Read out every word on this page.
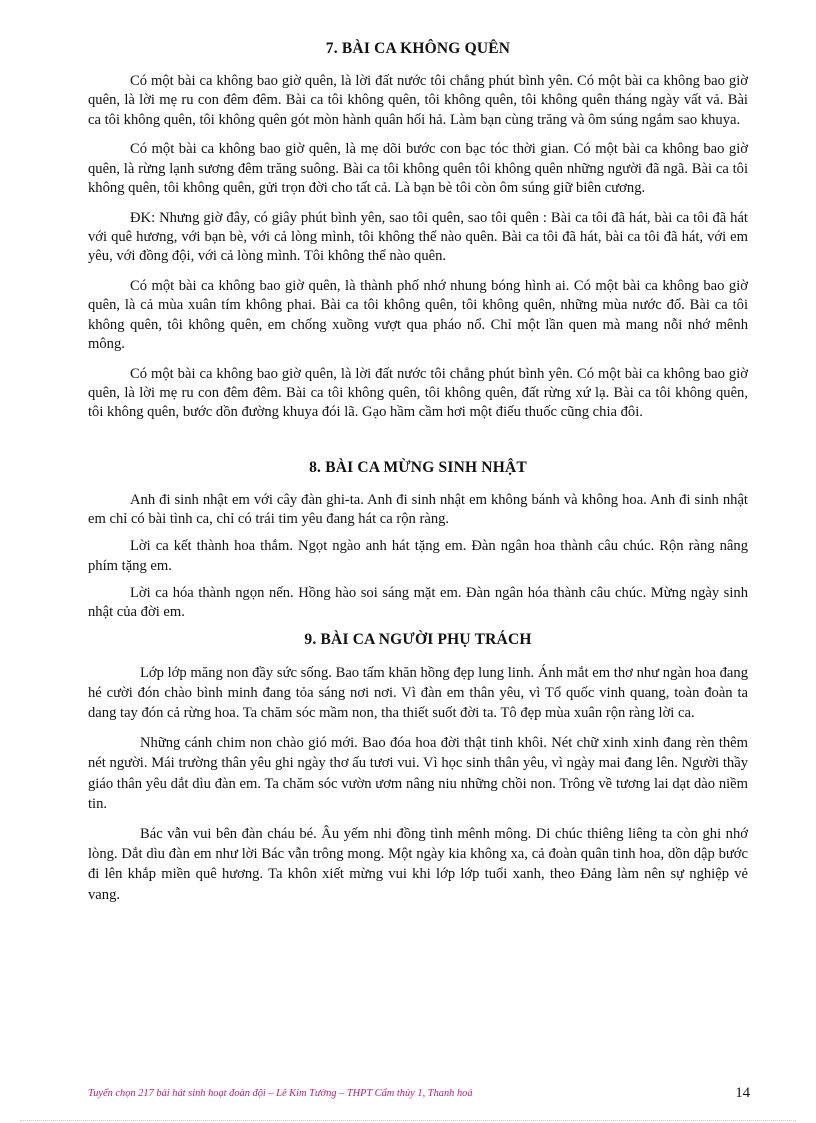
7. BÀI CA KHÔNG QUÊN

Có một bài ca không bao giờ quên, là lời đất nước tôi chẳng phút bình yên. Có một bài ca không bao giờ quên, là lời mẹ ru con đêm đêm. Bài ca tôi không quên, tôi không quên, tôi không quên tháng ngày vất vả. Bài ca tôi không quên, tôi không quên gót mòn hành quân hối hả. Làm bạn cùng trăng và ôm súng ngắm sao khuya.

Có một bài ca không bao giờ quên, là mẹ dõi bước con bạc tóc thời gian. Có một bài ca không bao giờ quên, là rừng lạnh sương đêm trăng suông. Bài ca tôi không quên tôi không quên những người đã ngã. Bài ca tôi không quên, tôi không quên, gửi trọn đời cho tất cả. Là bạn bè tôi còn ôm súng giữ biên cương.

ĐK: Nhưng giờ đây, có giây phút bình yên, sao tôi quên, sao tôi quên : Bài ca tôi đã hát, bài ca tôi đã hát với quê hương, với bạn bè, với cả lòng mình, tôi không thể nào quên. Bài ca tôi đã hát, bài ca tôi đã hát, với em yêu, với đồng đội, với cả lòng mình. Tôi không thể nào quên.

Có một bài ca không bao giờ quên, là thành phố nhớ nhung bóng hình ai. Có một bài ca không bao giờ quên, là cả mùa xuân tím không phai. Bài ca tôi không quên, tôi không quên, những mùa nước đổ. Bài ca tôi không quên, tôi không quên, em chống xuồng vượt qua pháo nổ. Chỉ một lần quen mà mang nỗi nhớ mênh mông.

Có một bài ca không bao giờ quên, là lời đất nước tôi chẳng phút bình yên. Có một bài ca không bao giờ quên, là lời mẹ ru con đêm đêm. Bài ca tôi không quên, tôi không quên, đất rừng xứ lạ. Bài ca tôi không quên, tôi không quên, bước dồn đường khuya đói lã. Gạo hầm cầm hơi một điếu thuốc cũng chia đôi.

8. BÀI CA MỪNG SINH NHẬT

Anh đi sinh nhật em với cây đàn ghi-ta. Anh đi sinh nhật em không bánh và không hoa. Anh đi sinh nhật em chỉ có bài tình ca, chỉ có trái tim yêu đang hát ca rộn ràng.

Lời ca kết thành hoa thắm. Ngọt ngào anh hát tặng em. Đàn ngân hoa thành câu chúc. Rộn ràng nâng phím tặng em.

Lời ca hóa thành ngọn nến. Hồng hào soi sáng mặt em. Đàn ngân hóa thành câu chúc. Mừng ngày sinh nhật của đời em.

9. BÀI CA NGƯỜI PHỤ TRÁCH

Lớp lớp măng non đầy sức sống. Bao tấm khăn hồng đẹp lung linh. Ánh mắt em thơ như ngàn hoa đang hé cười đón chào bình minh đang tỏa sáng nơi nơi. Vì đàn em thân yêu, vì Tổ quốc vinh quang, toàn đoàn ta dang tay đón cả rừng hoa. Ta chăm sóc mầm non, tha thiết suốt đời ta. Tô đẹp mùa xuân rộn ràng lời ca.

Những cánh chim non chào gió mới. Bao đóa hoa đời thật tinh khôi. Nét chữ xinh xinh đang rèn thêm nét người. Mái trường thân yêu ghi ngày thơ ấu tươi vui. Vì học sinh thân yêu, vì ngày mai đang lên. Người thầy giáo thân yêu dắt dìu đàn em. Ta chăm sóc vườn ươm nâng niu những chồi non. Trông về tương lai dạt dào niềm tin.

Bác vẫn vui bên đàn cháu bé. Âu yếm nhi đồng tình mênh mông. Di chúc thiêng liêng ta còn ghi nhớ lòng. Dắt dìu đàn em như lời Bác vẫn trông mong. Một ngày kia không xa, cả đoàn quân tinh hoa, dồn dập bước đi lên khắp miền quê hương. Ta khôn xiết mừng vui khi lớp lớp tuổi xanh, theo Đảng làm nên sự nghiệp vẻ vang.

Tuyển chọn 217 bài hát sinh hoạt đoàn đội – Lê Kim Tường – THPT Cẩm thủy 1, Thanh hoá	14
